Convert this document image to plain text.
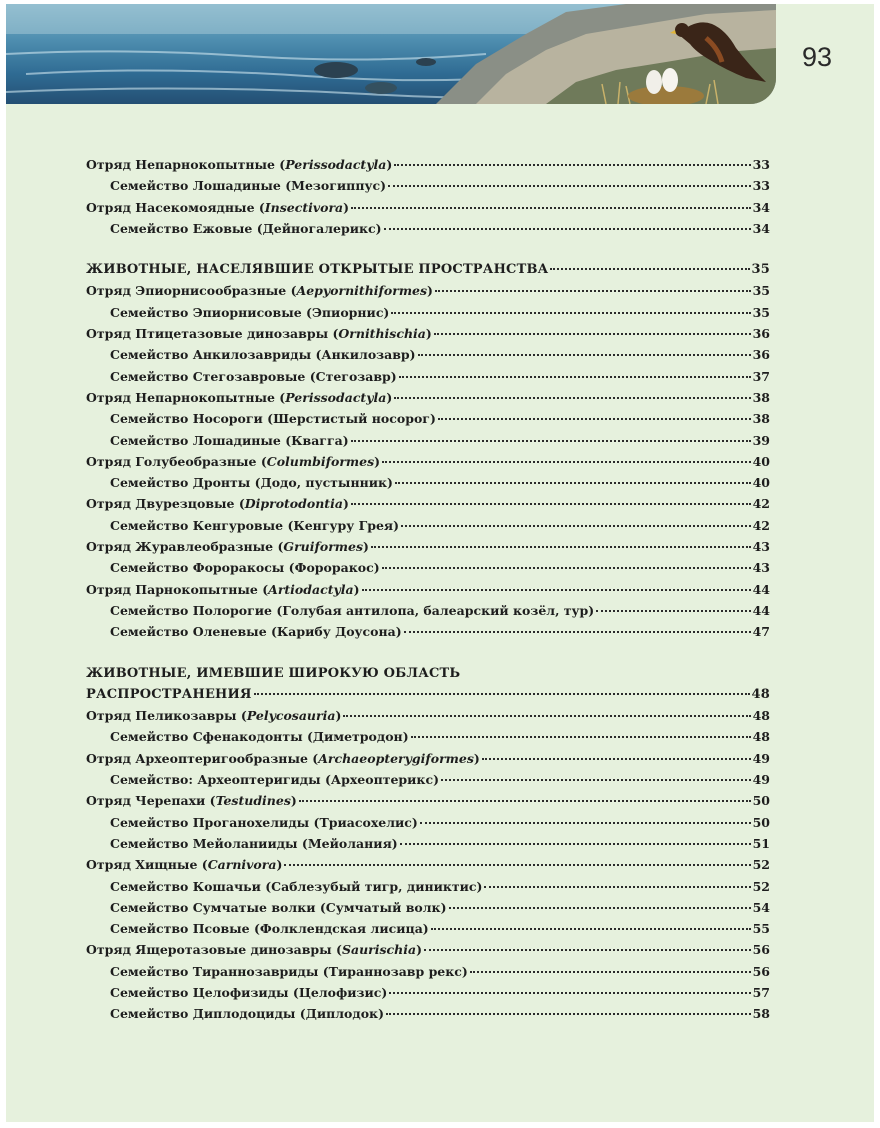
93
Отряд Непарнокопытные (Perissodactyla)	33
Семейство Лошадиные (Мезогиппус)	33
Отряд Насекомоядные (Insectivora)	34
Семейство Ежовые (Дейногалерикс)	34
ЖИВОТНЫЕ, НАСЕЛЯВШИЕ ОТКРЫТЫЕ ПРОСТРАНСТВА	35
Отряд Эпиорнисообразные (Aepyornithiformes)	35
Семейство Эпиорнисовые (Эпиорнис)	35
Отряд Птицетазовые динозавры (Ornithischia)	36
Семейство Анкилозавриды (Анкилозавр)	36
Семейство Стегозавровые (Стегозавр)	37
Отряд Непарнокопытные (Perissodactyla)	38
Семейство Носороги (Шерстистый носорог)	38
Семейство Лошадиные (Квагга)	39
Отряд Голубеобразные (Columbiformes)	40
Семейство Дронты (Додо, пустынник)	40
Отряд Двурезцовые (Diprotodontia)	42
Семейство Кенгуровые (Кенгуру Грея)	42
Отряд Журавлеобразные (Gruiformes)	43
Семейство Фороракосы (Фороракос)	43
Отряд Парнокопытные (Artiodactyla)	44
Семейство Полорогие (Голубая антилопа, балеарский козёл, тур)	44
Семейство Оленевые (Карибу Доусона)	47
ЖИВОТНЫЕ, ИМЕВШИЕ ШИРОКУЮ ОБЛАСТЬ
РАСПРОСТРАНЕНИЯ	48
Отряд Пеликозавры (Pelycosauria)	48
Семейство Сфенакодонты (Диметродон)	48
Отряд Археоптеригообразные (Archaeopterygiformes)	49
Семейство: Археоптеригиды (Археоптерикс)	49
Отряд Черепахи (Testudines)	50
Семейство Проганохелиды (Триасохелис)	50
Семейство Мейоланииды (Мейолания)	51
Отряд Хищные (Carnivora)	52
Семейство Кошачьи (Саблезубый тигр, диниктис)	52
Семейство Сумчатые волки (Сумчатый волк)	54
Семейство Псовые (Фолклендская лисица)	55
Отряд Ящеротазовые динозавры (Saurischia)	56
Семейство Тираннозавриды (Тираннозавр рекс)	56
Семейство Целофизиды (Целофизис)	57
Семейство Диплодоциды (Диплодок)	58
